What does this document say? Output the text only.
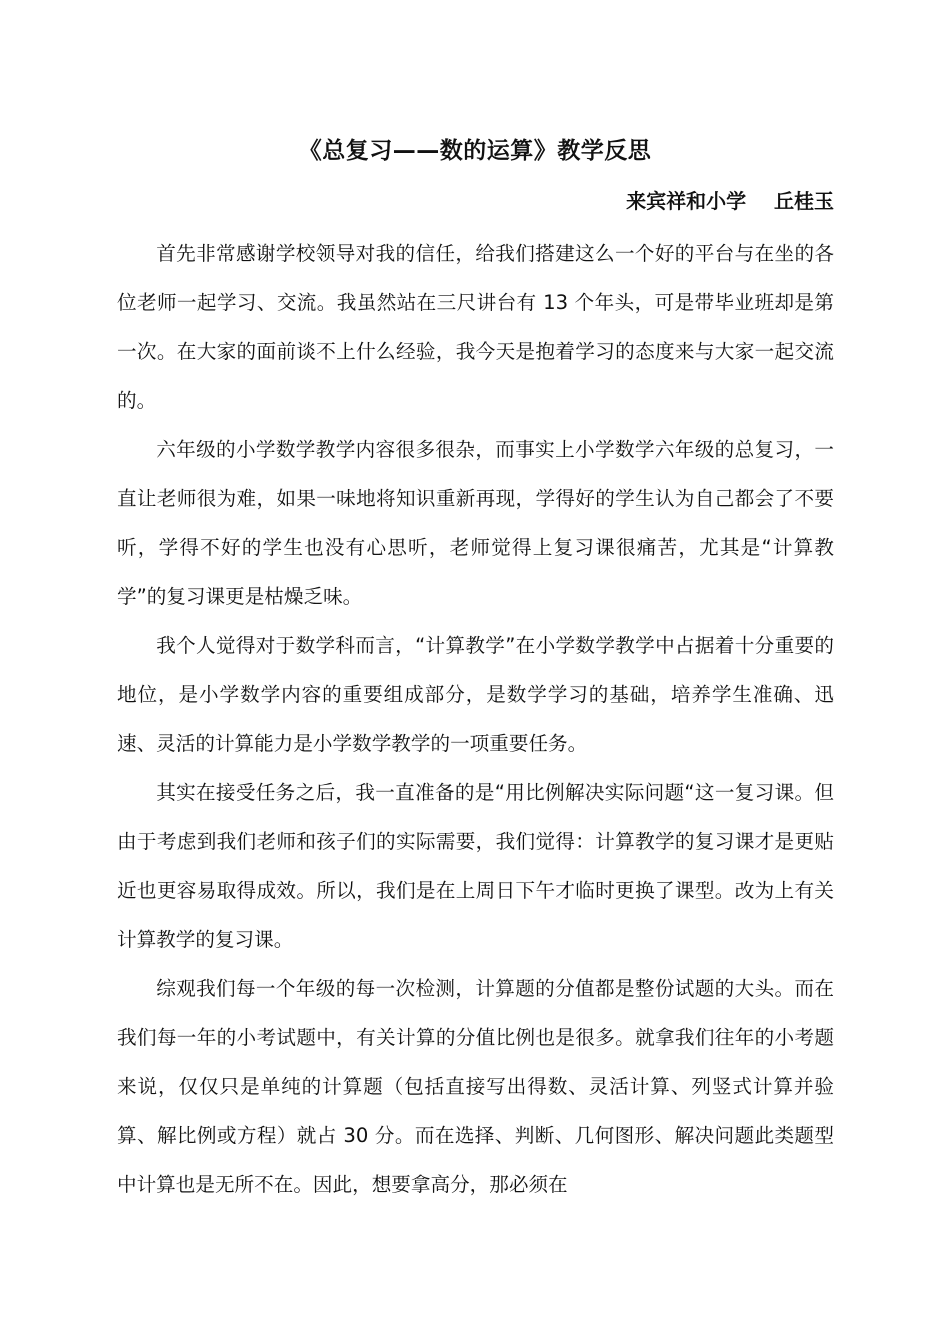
《总复习——数的运算》教学反思
来宾祥和小学    丘桂玉

首先非常感谢学校领导对我的信任，给我们搭建这么一个好的平台与在坐的各位老师一起学习、交流。我虽然站在三尺讲台有 13 个年头，可是带毕业班却是第一次。在大家的面前谈不上什么经验，我今天是抱着学习的态度来与大家一起交流的。

六年级的小学数学教学内容很多很杂，而事实上小学数学六年级的总复习，一直让老师很为难，如果一味地将知识重新再现，学得好的学生认为自己都会了不要听，学得不好的学生也没有心思听，老师觉得上复习课很痛苦，尤其是“计算教学”的复习课更是枯燥乏味。

我个人觉得对于数学科而言，“计算教学”在小学数学教学中占据着十分重要的地位，是小学数学内容的重要组成部分，是数学学习的基础，培养学生准确、迅速、灵活的计算能力是小学数学教学的一项重要任务。

其实在接受任务之后，我一直准备的是“用比例解决实际问题“这一复习课。但由于考虑到我们老师和孩子们的实际需要，我们觉得：计算教学的复习课才是更贴近也更容易取得成效。所以，我们是在上周日下午才临时更换了课型。改为上有关计算教学的复习课。

综观我们每一个年级的每一次检测，计算题的分值都是整份试题的大头。而在我们每一年的小考试题中，有关计算的分值比例也是很多。就拿我们往年的小考题来说，仅仅只是单纯的计算题（包括直接写出得数、灵活计算、列竖式计算并验算、解比例或方程）就占 30 分。而在选择、判断、几何图形、解决问题此类题型中计算也是无所不在。因此，想要拿高分，那必须在
